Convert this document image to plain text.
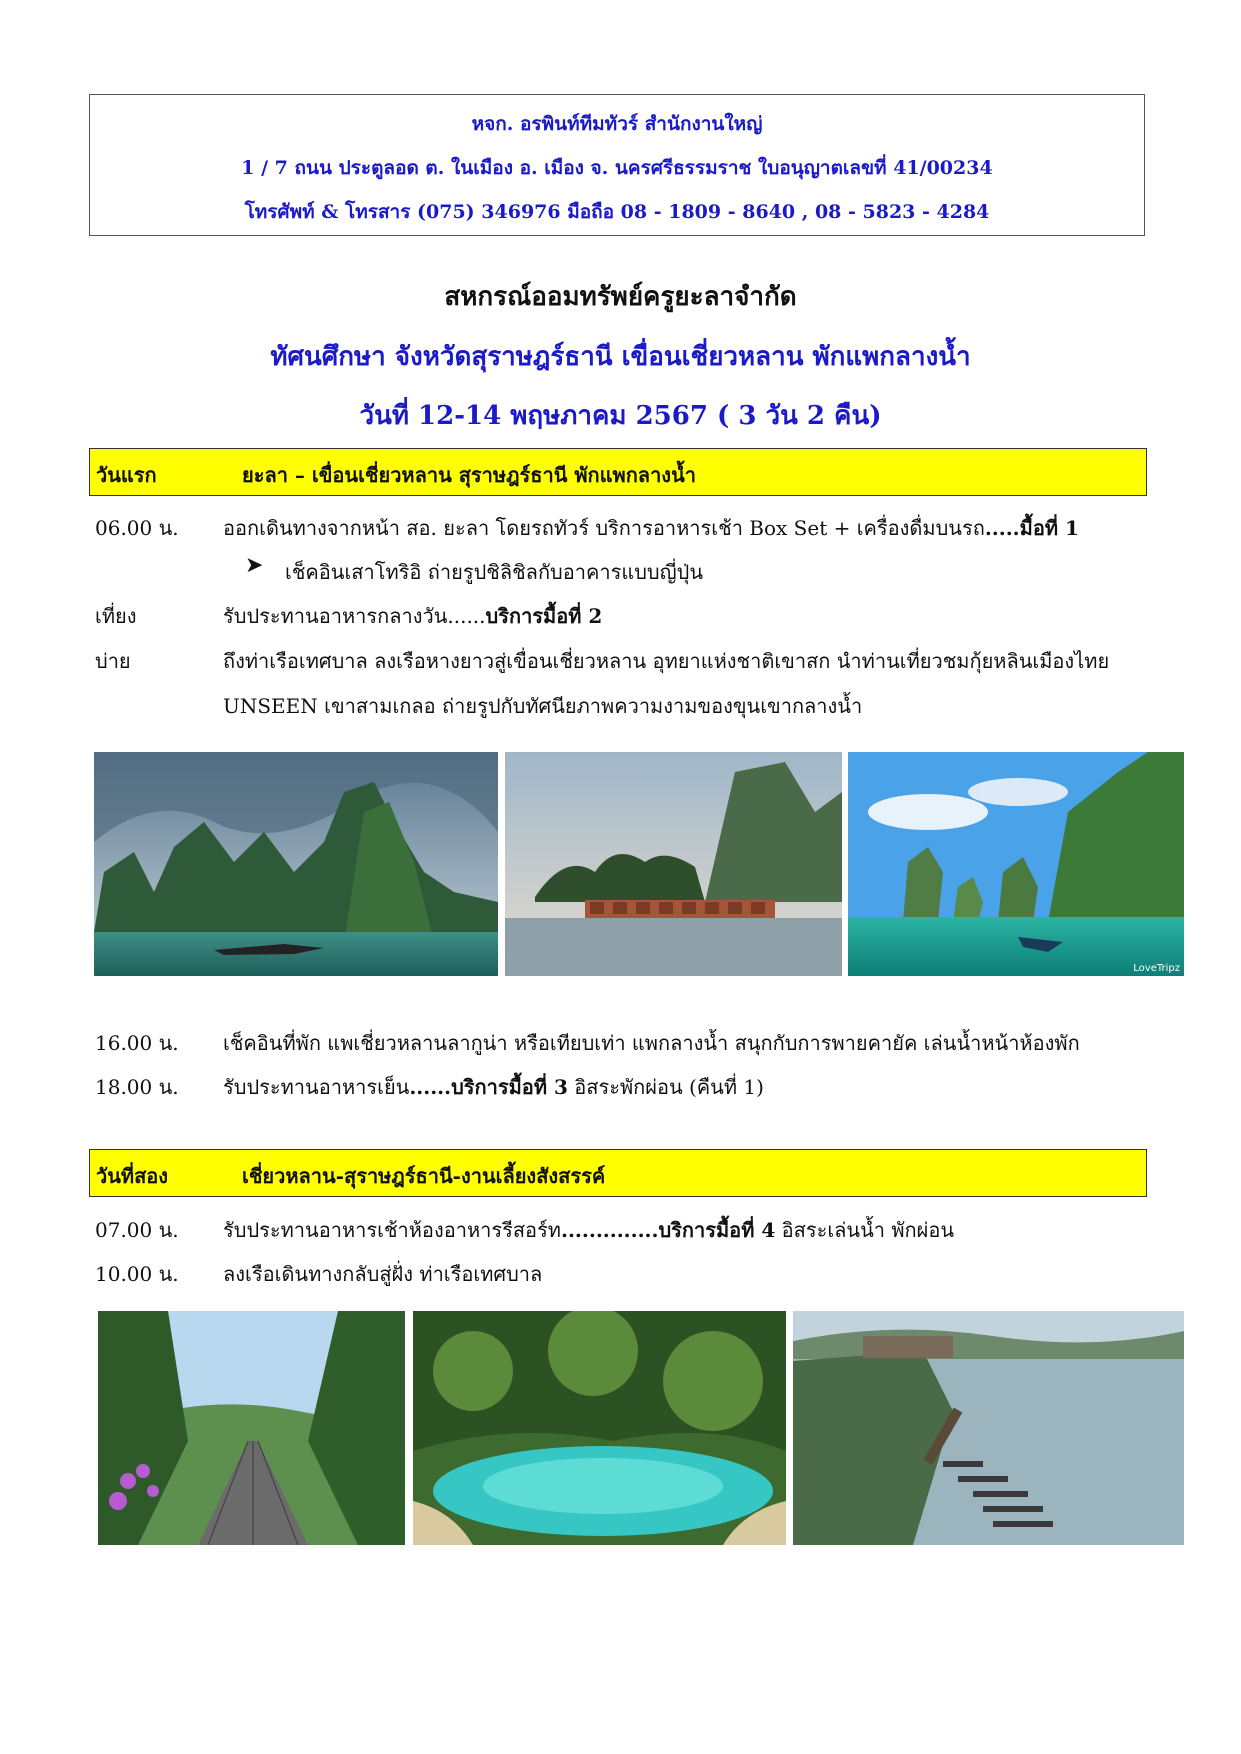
หจก. อรพินท์ทีมทัวร์ สำนักงานใหญ่
1 / 7 ถนน ประตูลอด ต. ในเมือง อ. เมือง จ. นครศรีธรรมราช ใบอนุญาตเลขที่ 41/00234
โทรศัพท์ & โทรสาร (075) 346976 มือถือ 08 - 1809 - 8640 , 08 - 5823 - 4284
สหกรณ์ออมทรัพย์ครูยะลาจำกัด
ทัศนศึกษา จังหวัดสุราษฎร์ธานี เขื่อนเชี่ยวหลาน พักแพกลางน้ำ
วันที่ 12-14 พฤษภาคม 2567 ( 3 วัน 2 คืน)
วันแรก	ยะลา – เขื่อนเชี่ยวหลาน สุราษฎร์ธานี พักแพกลางน้ำ
06.00 น. ออกเดินทางจากหน้า สอ. ยะลา โดยรถทัวร์ บริการอาหารเช้า Box Set + เครื่องดื่มบนรถ.....มื้อที่ 1
➤ เช็คอินเสาโทริอิ ถ่ายรูปชิลิชิลกับอาคารแบบญี่ปุ่น
เที่ยง	รับประทานอาหารกลางวัน......บริการมื้อที่ 2
บ่าย	ถึงท่าเรือเทศบาล ลงเรือหางยาวสู่เขื่อนเชี่ยวหลาน อุทยาแห่งชาติเขาสก นำท่านเที่ยวชมกุ้ยหลินเมืองไทย
UNSEEN เขาสามเกลอ ถ่ายรูปกับทัศนียภาพความงามของขุนเขากลางน้ำ
LoveTripz
16.00 น. เช็คอินที่พัก แพเชี่ยวหลานลากูน่า หรือเทียบเท่า แพกลางน้ำ สนุกกับการพายคายัค เล่นน้ำหน้าห้องพัก
18.00 น. รับประทานอาหารเย็น......บริการมื้อที่ 3 อิสระพักผ่อน (คืนที่ 1)
วันที่สอง	เชี่ยวหลาน-สุราษฎร์ธานี-งานเลี้ยงสังสรรค์
07.00 น. รับประทานอาหารเช้าห้องอาหารรีสอร์ท..............บริการมื้อที่ 4 อิสระเล่นน้ำ พักผ่อน
10.00 น. ลงเรือเดินทางกลับสู่ฝั่ง ท่าเรือเทศบาล
